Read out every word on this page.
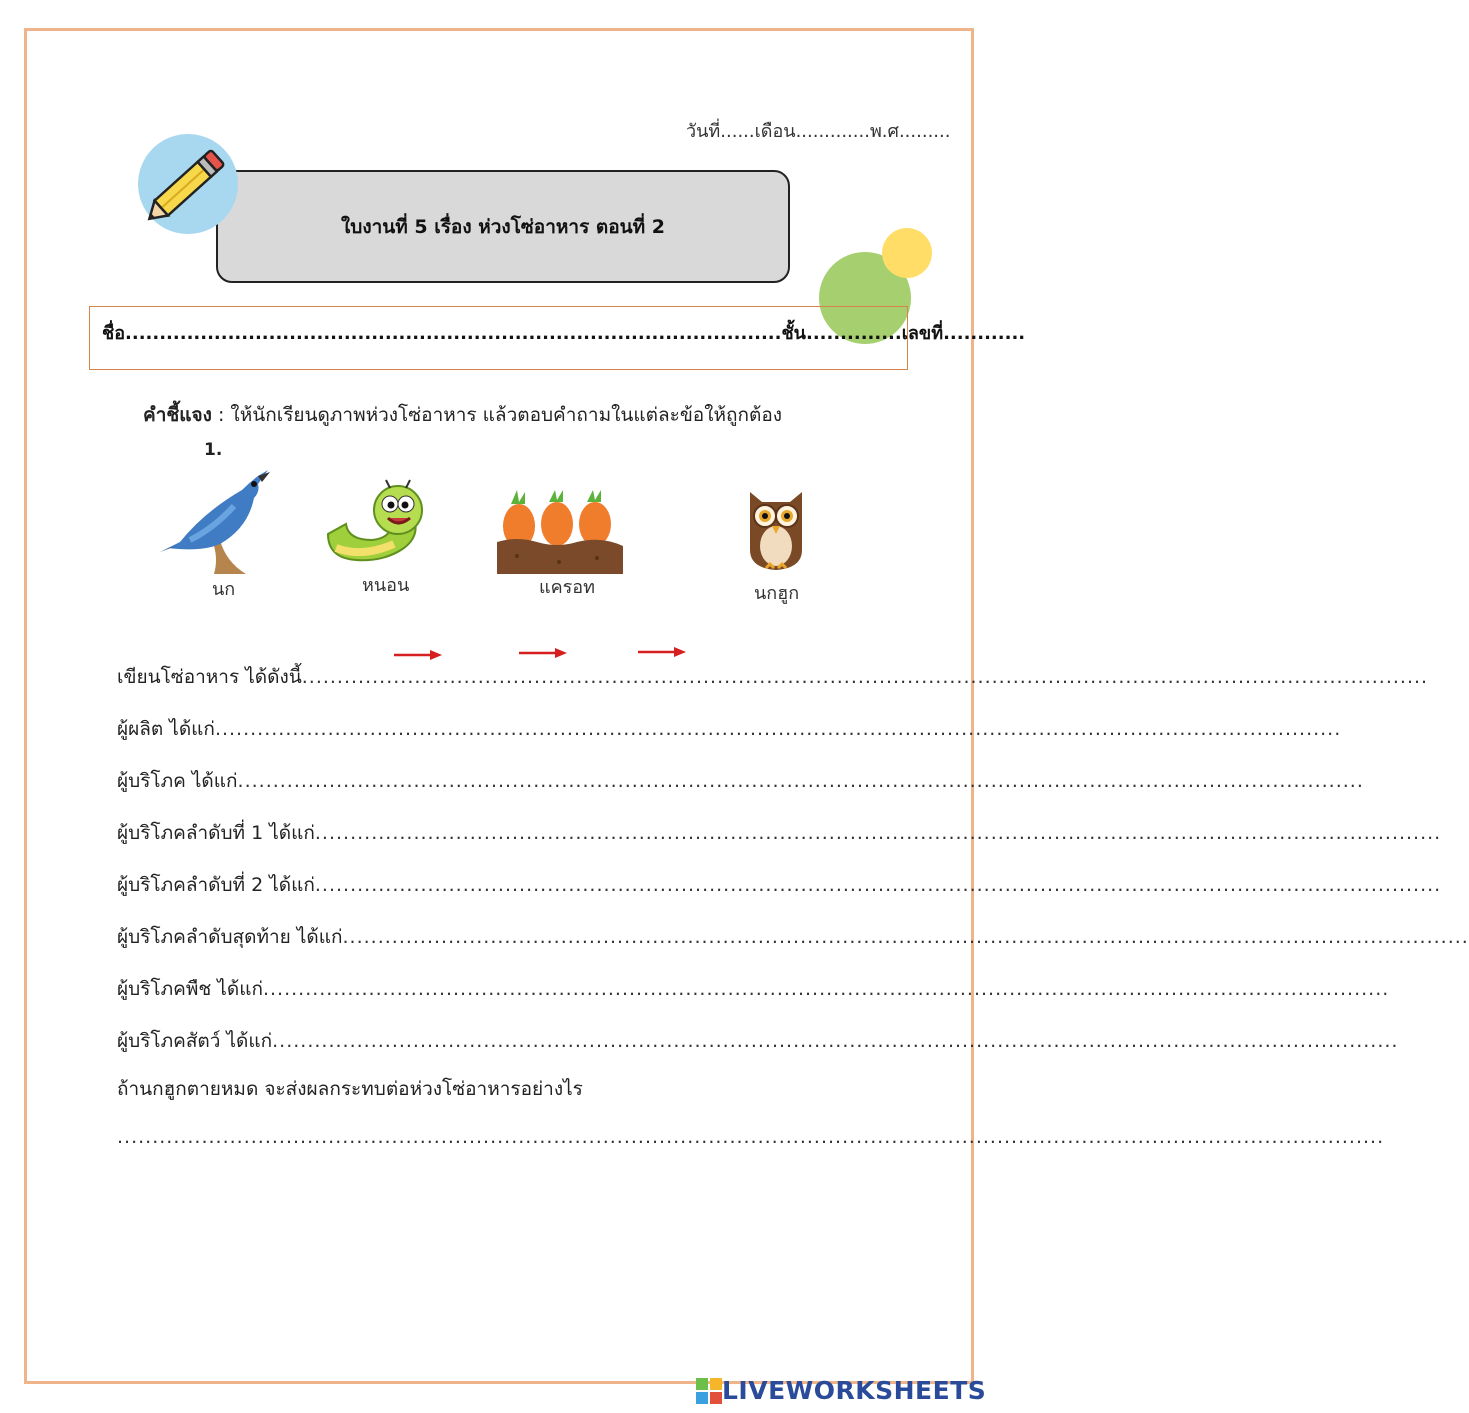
วันที่......เดือน.............พ.ศ.........
ใบงานที่ 5 เรื่อง ห่วงโซ่อาหาร ตอนที่ 2
ชื่อ................................................................................................ชั้น..............เลขที่............
คำชี้แจง : ให้นักเรียนดูภาพห่วงโซ่อาหาร แล้วตอบคำถามในแต่ละข้อให้ถูกต้อง
1.
นก	หนอน	แครอท	นกฮูก
เขียนโซ่อาหาร ได้ดังนี้ ................................................................................................................................................................
ผู้ผลิต ได้แก่ ................................................................................................................................................................
ผู้บริโภค ได้แก่ ................................................................................................................................................................
ผู้บริโภคลำดับที่ 1 ได้แก่ ................................................................................................................................................................
ผู้บริโภคลำดับที่ 2 ได้แก่ ................................................................................................................................................................
ผู้บริโภคลำดับสุดท้าย ได้แก่ ................................................................................................................................................................
ผู้บริโภคพืช ได้แก่ ................................................................................................................................................................
ผู้บริโภคสัตว์ ได้แก่ ................................................................................................................................................................
ถ้านกฮูกตายหมด จะส่งผลกระทบต่อห่วงโซ่อาหารอย่างไร
....................................................................................................................................................................................
LIVEWORKSHEETS
